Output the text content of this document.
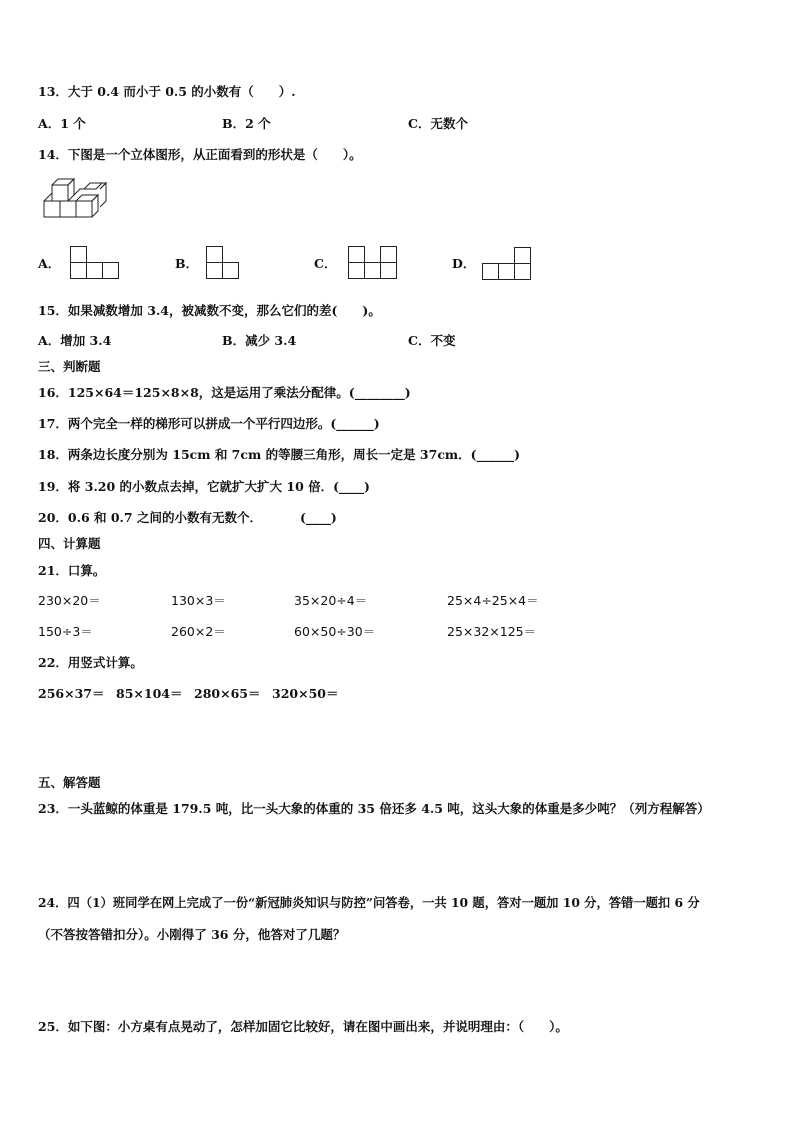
13．大于 0.4 而小于 0.5 的小数有（　　）.
A．1 个	B．2 个	C．无数个
14．下图是一个立体图形，从正面看到的形状是（　　）。
A．	B．	C．	D．
15．如果减数增加 3.4，被减数不变，那么它们的差(　　)。
A．增加 3.4	B．减少 3.4	C．不变
三、判断题
16．125×64＝125×8×8，这是运用了乘法分配律。(________)
17．两个完全一样的梯形可以拼成一个平行四边形。(______)
18．两条边长度分别为 15cm 和 7cm 的等腰三角形，周长一定是 37cm．(______)
19．将 3.20 的小数点去掉，它就扩大扩大 10 倍．(____)
20．0.6 和 0.7 之间的小数有无数个．	(____)
四、计算题
21．口算。
230×20＝	130×3＝	35×20÷4＝	25×4÷25×4＝
150÷3＝	260×2＝	60×50÷30＝	25×32×125＝
22．用竖式计算。
256×37＝ 85×104＝ 280×65＝ 320×50＝
五、解答题
23．一头蓝鲸的体重是 179.5 吨，比一头大象的体重的 35 倍还多 4.5 吨，这头大象的体重是多少吨？（列方程解答）
24．四（1）班同学在网上完成了一份“新冠肺炎知识与防控”问答卷，一共 10 题，答对一题加 10 分，答错一题扣 6 分
（不答按答错扣分）。小刚得了 36 分，他答对了几题？
25．如下图：小方桌有点晃动了，怎样加固它比较好，请在图中画出来，并说明理由：（　　）。
